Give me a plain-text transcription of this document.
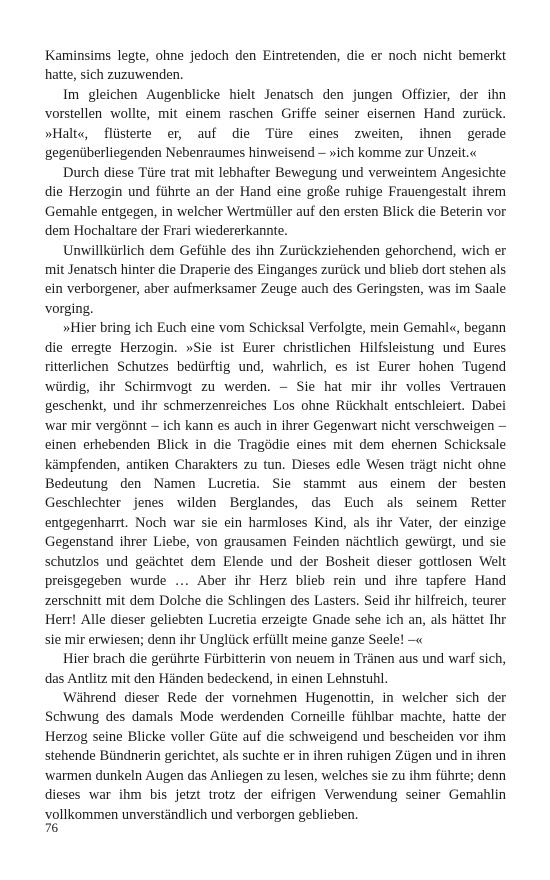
Kaminsims legte, ohne jedoch den Eintretenden, die er noch nicht bemerkt hatte, sich zuzuwenden.

Im gleichen Augenblicke hielt Jenatsch den jungen Offizier, der ihn vorstellen wollte, mit einem raschen Griffe seiner eisernen Hand zurück. »Halt«, flüsterte er, auf die Türe eines zweiten, ihnen gerade gegenüberliegenden Nebenraumes hinweisend – »ich komme zur Unzeit.«

Durch diese Türe trat mit lebhafter Bewegung und verweintem Angesichte die Herzogin und führte an der Hand eine große ruhige Frauengestalt ihrem Gemahle entgegen, in welcher Wertmüller auf den ersten Blick die Beterin vor dem Hochaltare der Frari wiedererkannte.

Unwillkürlich dem Gefühle des ihn Zurückziehenden gehorchend, wich er mit Jenatsch hinter die Draperie des Einganges zurück und blieb dort stehen als ein verborgener, aber aufmerksamer Zeuge auch des Geringsten, was im Saale vorging.

»Hier bring ich Euch eine vom Schicksal Verfolgte, mein Gemahl«, begann die erregte Herzogin. »Sie ist Eurer christlichen Hilfsleistung und Eures ritterlichen Schutzes bedürftig und, wahrlich, es ist Eurer hohen Tugend würdig, ihr Schirmvogt zu werden. – Sie hat mir ihr volles Vertrauen geschenkt, und ihr schmerzenreiches Los ohne Rückhalt entschleiert. Dabei war mir vergönnt – ich kann es auch in ihrer Gegenwart nicht verschweigen – einen erhebenden Blick in die Tragödie eines mit dem ehernen Schicksale kämpfenden, antiken Charakters zu tun. Dieses edle Wesen trägt nicht ohne Bedeutung den Namen Lucretia. Sie stammt aus einem der besten Geschlechter jenes wilden Berglandes, das Euch als seinem Retter entgegenharrt. Noch war sie ein harmloses Kind, als ihr Vater, der einzige Gegenstand ihrer Liebe, von grausamen Feinden nächtlich gewürgt, und sie schutzlos und geächtet dem Elende und der Bosheit dieser gottlosen Welt preisgegeben wurde … Aber ihr Herz blieb rein und ihre tapfere Hand zerschnitt mit dem Dolche die Schlingen des Lasters. Seid ihr hilfreich, teurer Herr! Alle dieser geliebten Lucretia erzeigte Gnade sehe ich an, als hättet Ihr sie mir erwiesen; denn ihr Unglück erfüllt meine ganze Seele! –«

Hier brach die gerührte Fürbitterin von neuem in Tränen aus und warf sich, das Antlitz mit den Händen bedeckend, in einen Lehnstuhl.

Während dieser Rede der vornehmen Hugenottin, in welcher sich der Schwung des damals Mode werdenden Corneille fühlbar machte, hatte der Herzog seine Blicke voller Güte auf die schweigend und bescheiden vor ihm stehende Bündnerin gerichtet, als suchte er in ihren ruhigen Zügen und in ihren warmen dunkeln Augen das Anliegen zu lesen, welches sie zu ihm führte; denn dieses war ihm bis jetzt trotz der eifrigen Verwendung seiner Gemahlin vollkommen unverständlich und verborgen geblieben.

76
